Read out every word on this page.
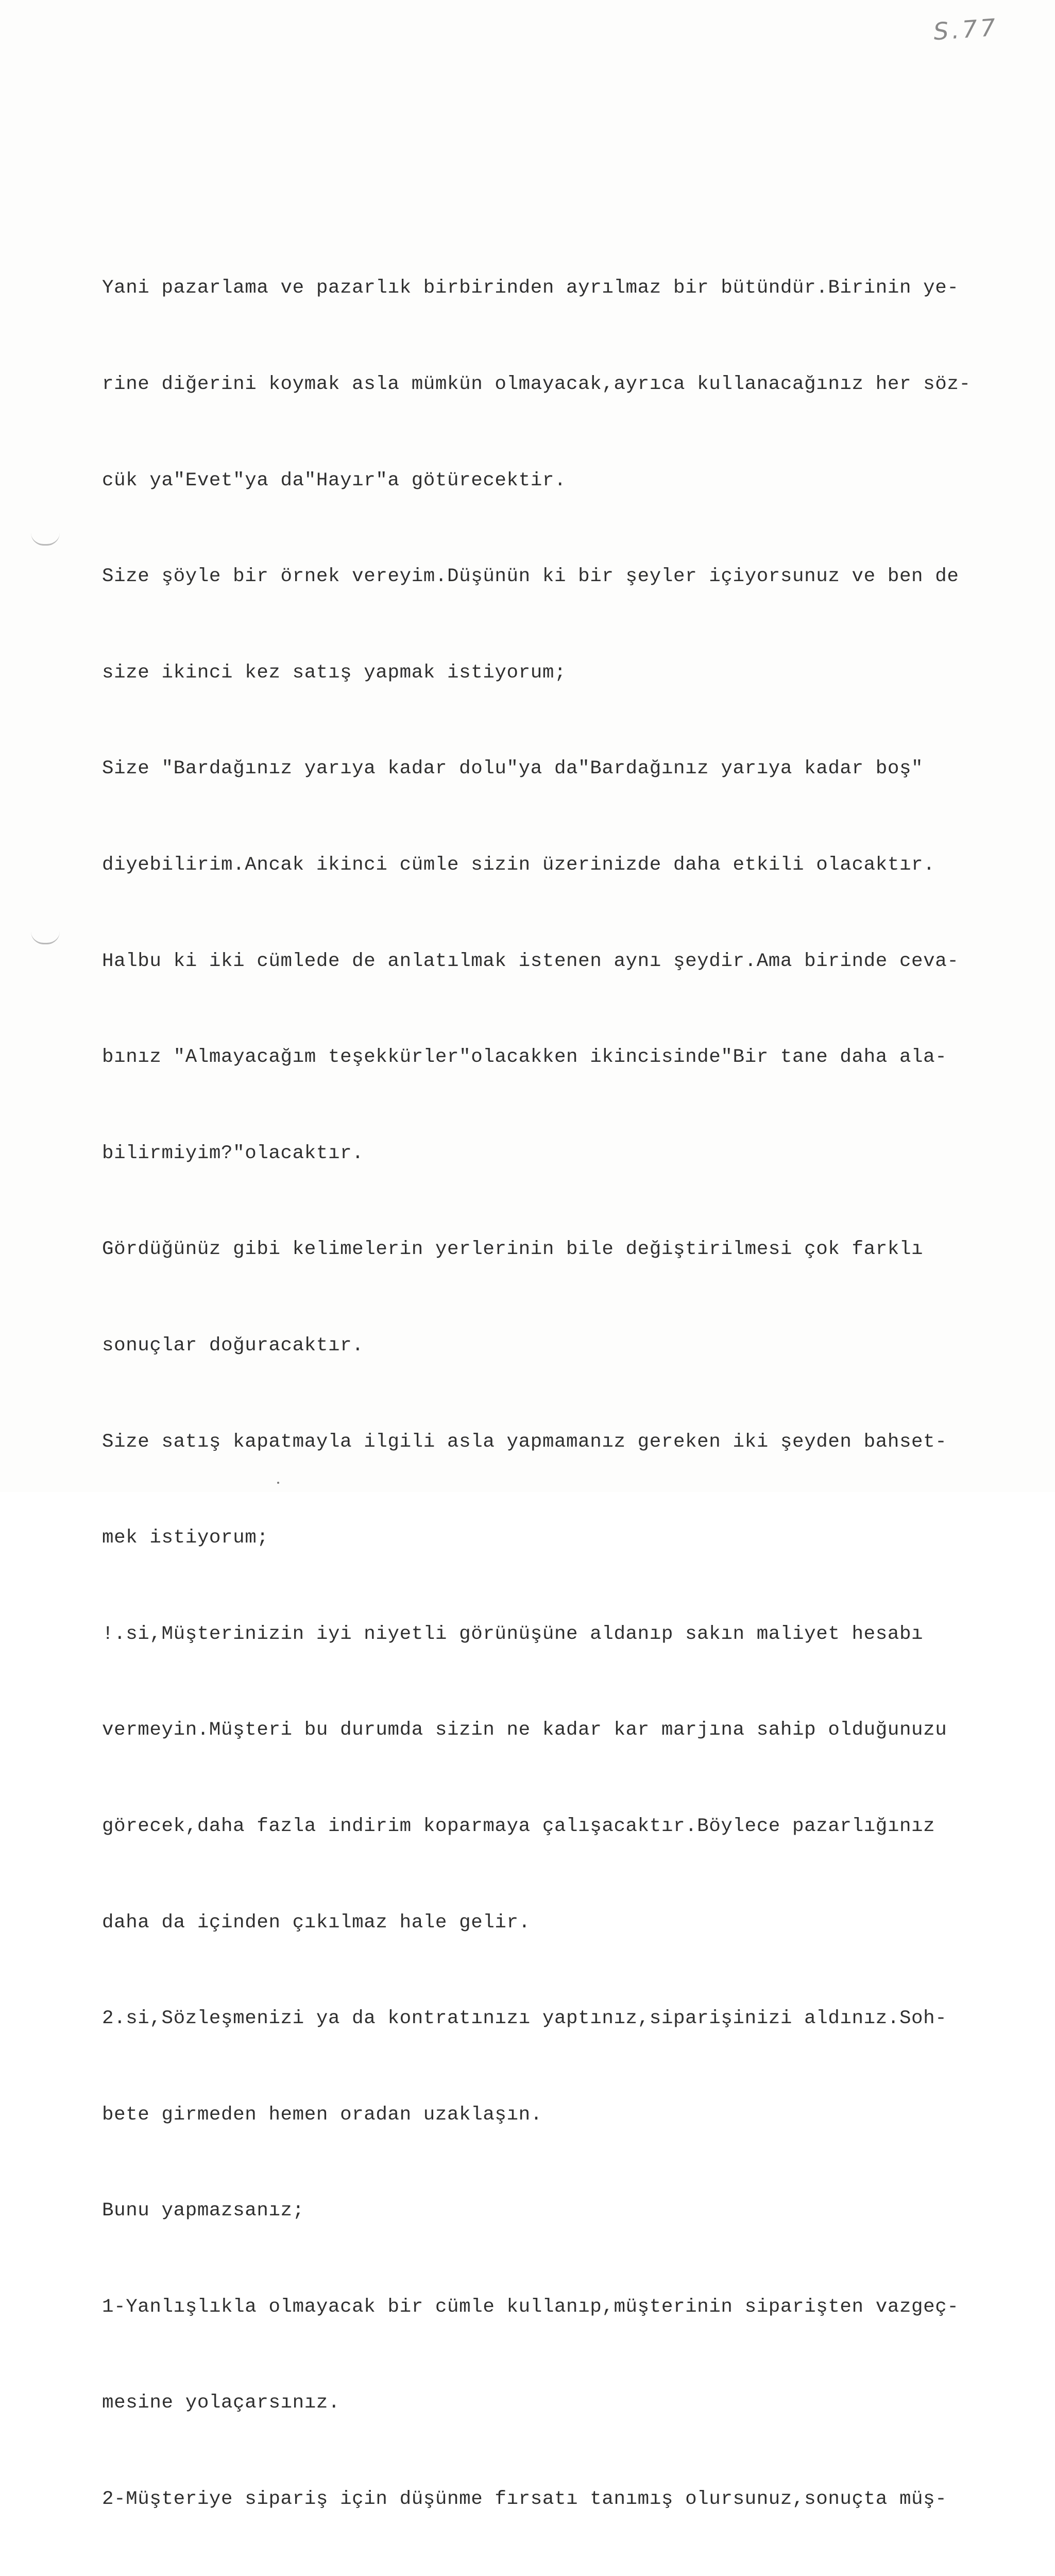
S.77

Yani pazarlama ve pazarlık birbirinden ayrılmaz bir bütündür.Birinin ye-

rine diğerini koymak asla mümkün olmayacak,ayrıca kullanacağınız her söz-

cük ya"Evet"ya da"Hayır"a götürecektir.

Size şöyle bir örnek vereyim.Düşünün ki bir şeyler içiyorsunuz ve ben de

size ikinci kez satış yapmak istiyorum;

Size "Bardağınız yarıya kadar dolu"ya da"Bardağınız yarıya kadar boş"

diyebilirim.Ancak ikinci cümle sizin üzerinizde daha etkili olacaktır.

Halbu ki iki cümlede de anlatılmak istenen aynı şeydir.Ama birinde ceva-

bınız "Almayacağım teşekkürler"olacakken ikincisinde"Bir tane daha ala-

bilirmiyim?"olacaktır.

Gördüğünüz gibi kelimelerin yerlerinin bile değiştirilmesi çok farklı

sonuçlar doğuracaktır.

Size satış kapatmayla ilgili asla yapmamanız gereken iki şeyden bahset-

mek istiyorum;

!.si,Müşterinizin iyi niyetli görünüşüne aldanıp sakın maliyet hesabı

vermeyin.Müşteri bu durumda sizin ne kadar kar marjına sahip olduğunuzu

görecek,daha fazla indirim koparmaya çalışacaktır.Böylece pazarlığınız

daha da içinden çıkılmaz hale gelir.

2.si,Sözleşmenizi ya da kontratınızı yaptınız,siparişinizi aldınız.Soh-

bete girmeden hemen oradan uzaklaşın.

Bunu yapmazsanız;

1-Yanlışlıkla olmayacak bir cümle kullanıp,müşterinin siparişten vazgeç-

mesine yolaçarsınız.

2-Müşteriye sipariş için düşünme fırsatı tanımış olursunuz,sonuçta müş-
